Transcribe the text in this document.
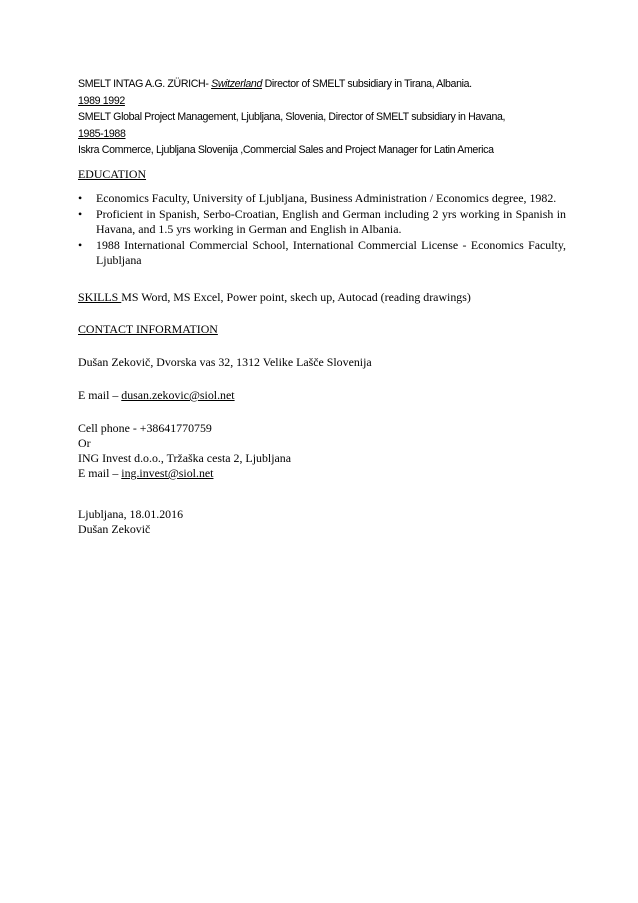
SMELT INTAG A.G. ZÜRICH- Switzerland Director of SMELT subsidiary in Tirana, Albania.
1989 1992
SMELT Global Project Management, Ljubljana, Slovenia, Director of SMELT subsidiary in Havana,
1985-1988
Iskra Commerce, Ljubljana Slovenija ,Commercial Sales and Project Manager for Latin America
EDUCATION
• Economics Faculty, University of Ljubljana, Business Administration / Economics degree, 1982.
• Proficient in Spanish, Serbo-Croatian, English and German including 2 yrs working in Spanish in Havana, and 1.5 yrs working in German and English in Albania.
• 1988 International Commercial School, International Commercial License - Economics Faculty, Ljubljana
SKILLS MS Word, MS Excel, Power point, skech up, Autocad (reading drawings)
CONTACT INFORMATION
Dušan Zekovič, Dvorska vas 32, 1312 Velike Lašče Slovenija
E mail – dusan.zekovic@siol.net
Cell phone - +38641770759
Or
ING Invest d.o.o., Tržaška cesta 2, Ljubljana
E mail – ing.invest@siol.net
Ljubljana, 18.01.2016
Dušan Zekovič
